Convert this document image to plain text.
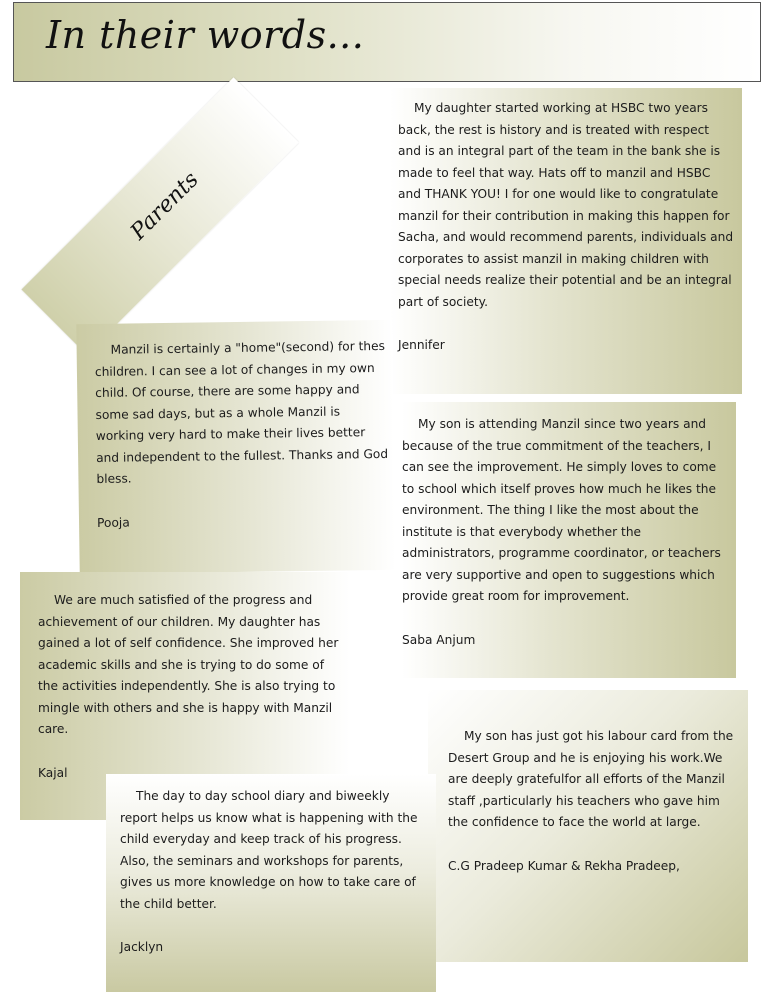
In their words...
Parents

My daughter started working at HSBC two years back, the rest is history and is treated with respect and is an integral part of the team in the bank she is made to feel that way. Hats off to manzil and HSBC and THANK YOU! I for one would like to congratulate manzil for their contribution in making this happen for Sacha, and would recommend parents, individuals and corporates to assist manzil in making children with special needs realize their potential and be an integral part of society.

Jennifer

Manzil is certainly a "home"(second) for thes children. I can see a lot of changes in my own child. Of course, there are some happy and some sad days, but as a whole Manzil is working very hard to make their lives better and independent to the fullest. Thanks and God bless.

Pooja

My son is attending Manzil since two years and because of the true commitment of the teachers, I can see the improvement. He simply loves to come to school which itself proves how much he likes the environment. The thing I like the most about the institute is that everybody whether the administrators, programme coordinator, or teachers are very supportive and open to suggestions which provide great room for improvement.

Saba Anjum

We are much satisfied of the progress and achievement of our children. My daughter has gained a lot of self confidence. She improved her academic skills and she is trying to do some of the activities independently. She is also trying to mingle with others and she is happy with Manzil care.

Kajal

My son has just got his labour card from the Desert Group and he is enjoying his work.We are deeply gratefulfor all efforts of the Manzil staff ,particularly his teachers who gave him the confidence to face the world at large.

C.G Pradeep Kumar & Rekha Pradeep,

The day to day school diary and biweekly report helps us know what is happening with the child everyday and keep track of his progress. Also, the seminars and workshops for parents, gives us more knowledge on how to take care of the child better.

Jacklyn
